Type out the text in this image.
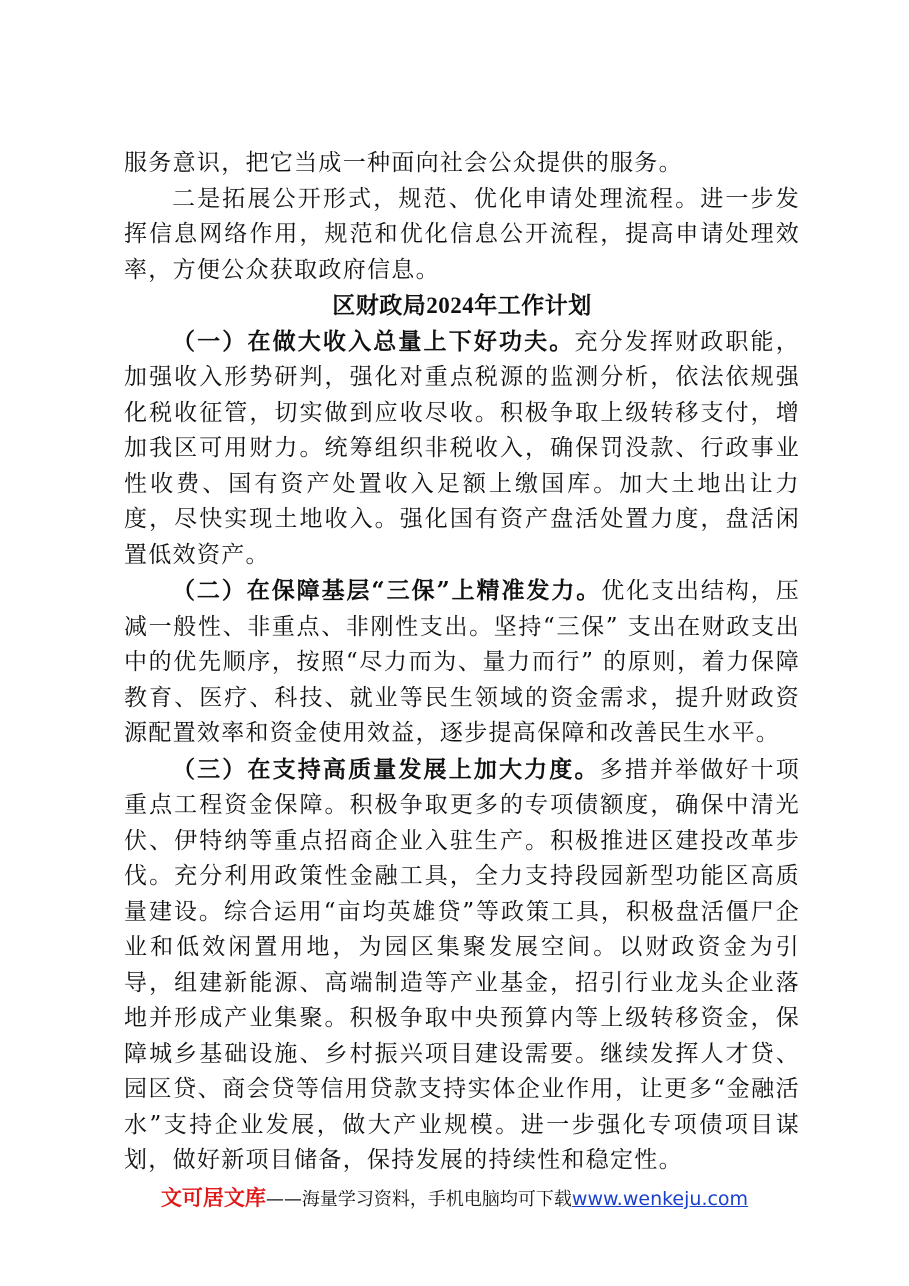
服务意识，把它当成一种面向社会公众提供的服务。

二是拓展公开形式，规范、优化申请处理流程。进一步发挥信息网络作用，规范和优化信息公开流程，提高申请处理效率，方便公众获取政府信息。

区财政局2024年工作计划

（一）在做大收入总量上下好功夫。充分发挥财政职能，加强收入形势研判，强化对重点税源的监测分析，依法依规强化税收征管，切实做到应收尽收。积极争取上级转移支付，增加我区可用财力。统筹组织非税收入，确保罚没款、行政事业性收费、国有资产处置收入足额上缴国库。加大土地出让力度，尽快实现土地收入。强化国有资产盘活处置力度，盘活闲置低效资产。

（二）在保障基层“三保”上精准发力。优化支出结构，压减一般性、非重点、非刚性支出。坚持“三保” 支出在财政支出中的优先顺序，按照“尽力而为、量力而行” 的原则，着力保障教育、医疗、科技、就业等民生领域的资金需求，提升财政资源配置效率和资金使用效益，逐步提高保障和改善民生水平。

（三）在支持高质量发展上加大力度。多措并举做好十项重点工程资金保障。积极争取更多的专项债额度，确保中清光伏、伊特纳等重点招商企业入驻生产。积极推进区建投改革步伐。充分利用政策性金融工具，全力支持段园新型功能区高质量建设。综合运用“亩均英雄贷”等政策工具，积极盘活僵尸企业和低效闲置用地，为园区集聚发展空间。以财政资金为引导，组建新能源、高端制造等产业基金，招引行业龙头企业落地并形成产业集聚。积极争取中央预算内等上级转移资金，保障城乡基础设施、乡村振兴项目建设需要。继续发挥人才贷、园区贷、商会贷等信用贷款支持实体企业作用，让更多“金融活水”支持企业发展，做大产业规模。进一步强化专项债项目谋划，做好新项目储备，保持发展的持续性和稳定性。

文可居文库——海量学习资料，手机电脑均可下载www.wenkeju.com
